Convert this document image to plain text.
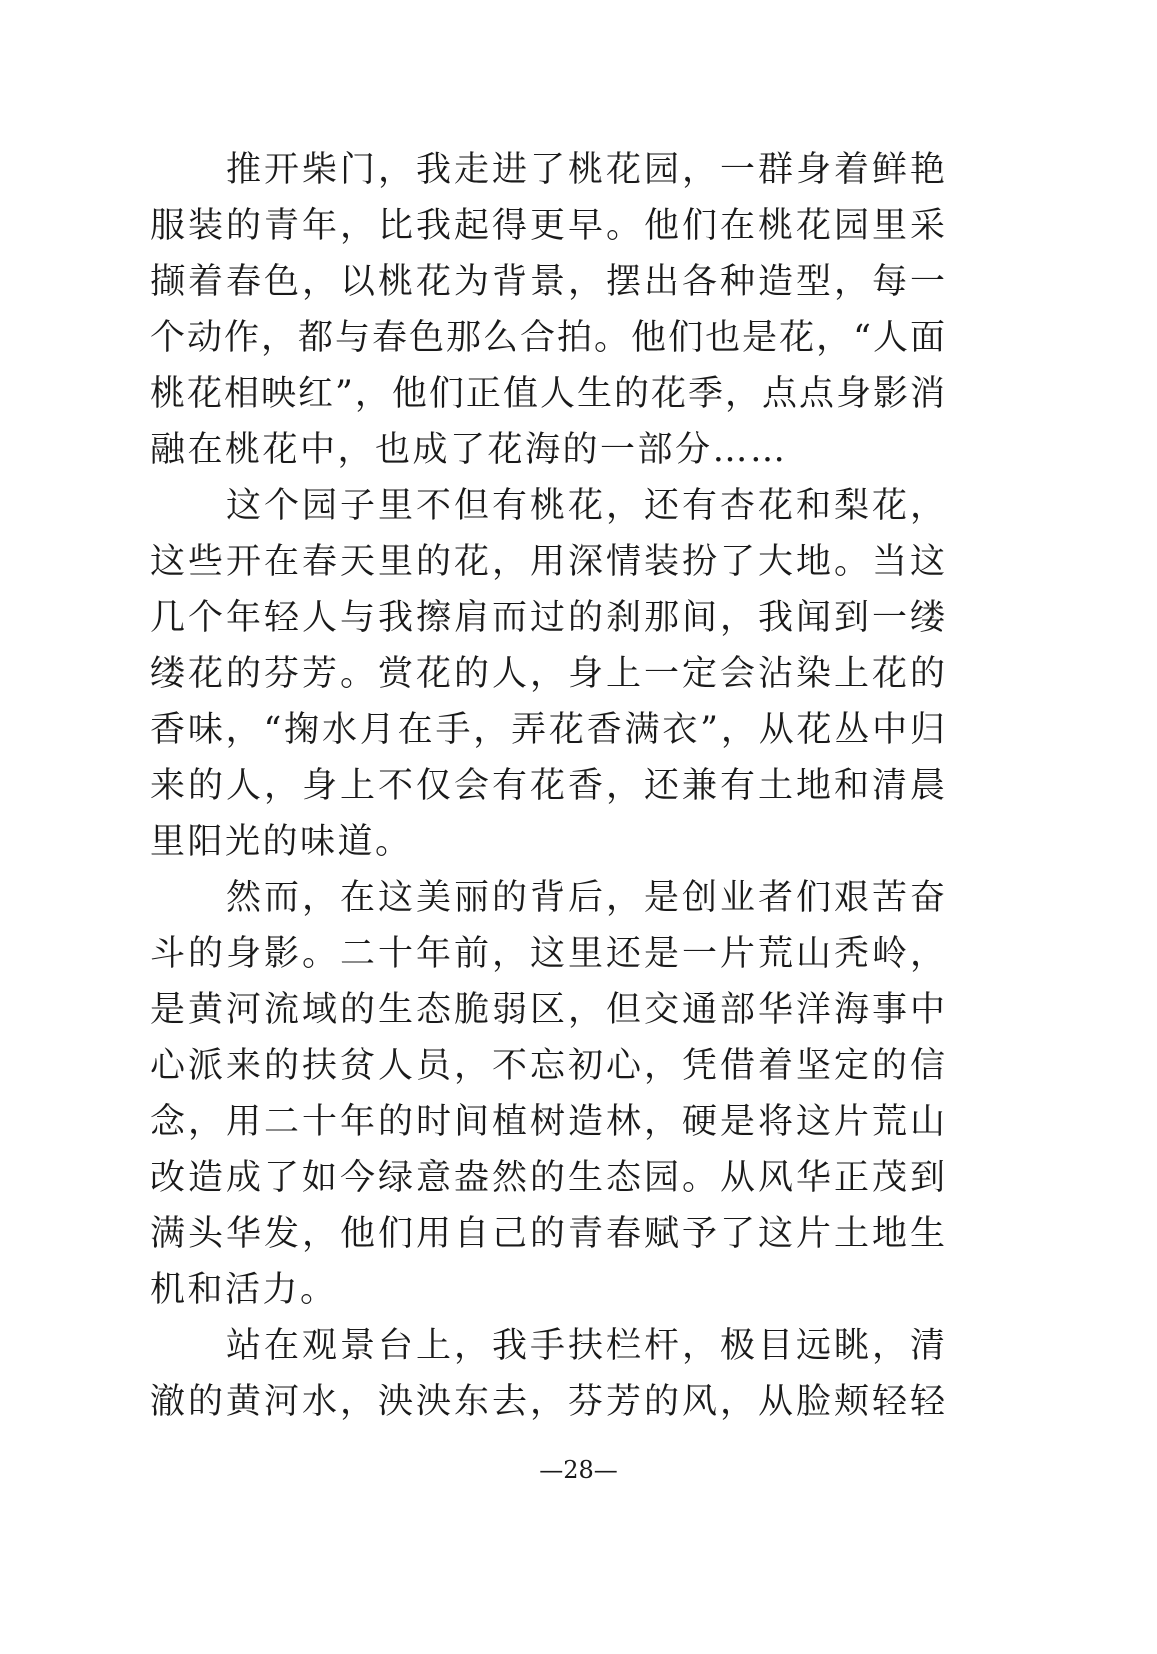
推开柴门，我走进了桃花园，一群身着鲜艳
服装的青年，比我起得更早。他们在桃花园里采
撷着春色，以桃花为背景，摆出各种造型，每一
个动作，都与春色那么合拍。他们也是花，“人面
桃花相映红”，他们正值人生的花季，点点身影消
融在桃花中，也成了花海的一部分……
这个园子里不但有桃花，还有杏花和梨花，
这些开在春天里的花，用深情装扮了大地。当这
几个年轻人与我擦肩而过的刹那间，我闻到一缕
缕花的芬芳。赏花的人，身上一定会沾染上花的
香味，“掬水月在手，弄花香满衣”，从花丛中归
来的人，身上不仅会有花香，还兼有土地和清晨
里阳光的味道。
然而，在这美丽的背后，是创业者们艰苦奋
斗的身影。二十年前，这里还是一片荒山秃岭，
是黄河流域的生态脆弱区，但交通部华洋海事中
心派来的扶贫人员，不忘初心，凭借着坚定的信
念，用二十年的时间植树造林，硬是将这片荒山
改造成了如今绿意盎然的生态园。从风华正茂到
满头华发，他们用自己的青春赋予了这片土地生
机和活力。
站在观景台上，我手扶栏杆，极目远眺，清
澈的黄河水，泱泱东去，芬芳的风，从脸颊轻轻
—28—
